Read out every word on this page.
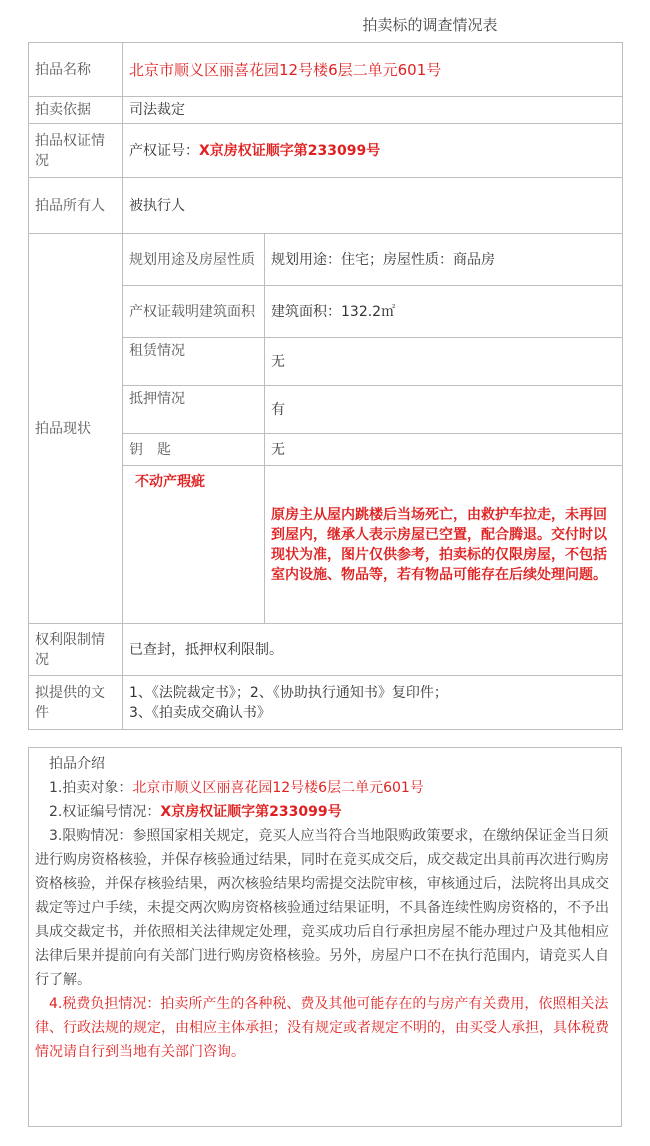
拍卖标的调查情况表
拍品名称	北京市顺义区丽喜花园12号楼6层二单元601号	
拍卖依据	司法裁定	
拍品权证情况	产权证号：X京房权证顺字第233099号	
拍品所有人	被执行人	
拍品现状	规划用途及房屋性质	规划用途：住宅；房屋性质：商品房
	产权证载明建筑面积	建筑面积：132.2㎡
	租赁情况	无
	抵押情况	有
	钥　匙	无
	不动产瑕疵	原房主从屋内跳楼后当场死亡，由救护车拉走，未再回到屋内，继承人表示房屋已空置，配合腾退。交付时以现状为准，图片仅供参考，拍卖标的仅限房屋，不包括室内设施、物品等，若有物品可能存在后续处理问题。
权利限制情况	已查封，抵押权利限制。	
拟提供的文件	1、《法院裁定书》；2、《协助执行通知书》复印件；
3、《拍卖成交确认书》	

拍品介绍

1.拍卖对象：北京市顺义区丽喜花园12号楼6层二单元601号

2.权证编号情况：X京房权证顺字第233099号

3.限购情况：参照国家相关规定，竞买人应当符合当地限购政策要求，在缴纳保证金当日须进行购房资格核验，并保存核验通过结果，同时在竞买成交后，成交裁定出具前再次进行购房资格核验，并保存核验结果，两次核验结果均需提交法院审核，审核通过后，法院将出具成交裁定等过户手续，未提交两次购房资格核验通过结果证明，不具备连续性购房资格的，不予出具成交裁定书，并依照相关法律规定处理，竞买成功后自行承担房屋不能办理过户及其他相应法律后果并提前向有关部门进行购房资格核验。另外，房屋户口不在执行范围内，请竞买人自行了解。

4.税费负担情况：拍卖所产生的各种税、费及其他可能存在的与房产有关费用，依照相关法律、行政法规的规定，由相应主体承担；没有规定或者规定不明的，由买受人承担，具体税费情况请自行到当地有关部门咨询。
